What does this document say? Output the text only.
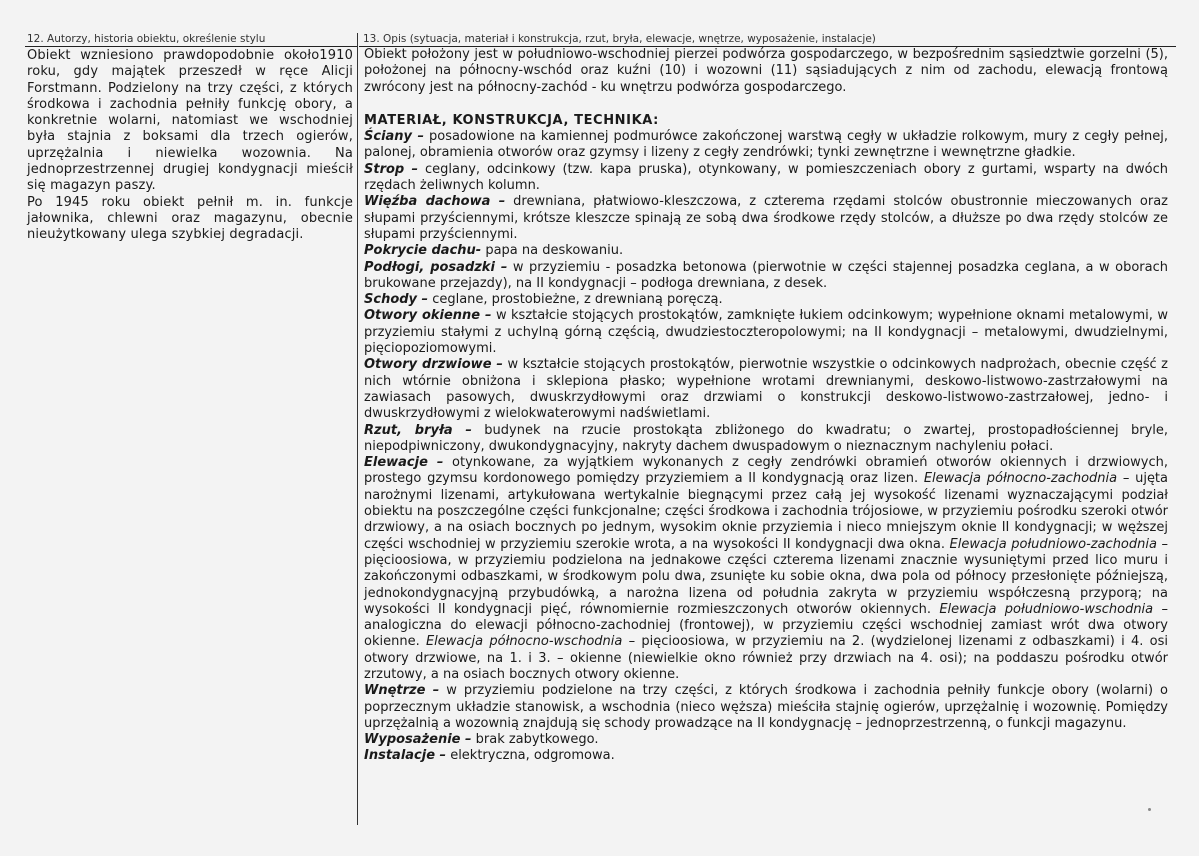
12. Autorzy, historia obiektu, określenie stylu

Obiekt wzniesiono prawdopodobnie około1910 roku, gdy majątek przeszedł w ręce Alicji Forstmann. Podzielony na trzy części, z których środkowa i zachodnia pełniły funkcję obory, a konkretnie wolarni, natomiast we wschodniej była stajnia z boksami dla trzech ogierów, uprzężalnia i niewielka wozownia. Na jednoprzestrzennej drugiej kondygnacji mieścił się magazyn paszy.

Po 1945 roku obiekt pełnił m. in. funkcje jałownika, chlewni oraz magazynu, obecnie nieużytkowany ulega szybkiej degradacji.

13. Opis (sytuacja, materiał i konstrukcja, rzut, bryła, elewacje, wnętrze, wyposażenie, instalacje)

Obiekt położony jest w południowo-wschodniej pierzei podwórza gospodarczego, w bezpośrednim sąsiedztwie gorzelni (5), położonej na północny-wschód oraz kuźni (10) i wozowni (11) sąsiadujących z nim od zachodu, elewacją frontową zwrócony jest na północny-zachód - ku wnętrzu podwórza gospodarczego.

MATERIAŁ, KONSTRUKCJA, TECHNIKA:

Ściany – posadowione na kamiennej podmurówce zakończonej warstwą cegły w układzie rolkowym, mury z cegły pełnej, palonej, obramienia otworów oraz gzymsy i lizeny z cegły zendrówki; tynki zewnętrzne i wewnętrzne gładkie.

Strop – ceglany, odcinkowy (tzw. kapa pruska), otynkowany, w pomieszczeniach obory z gurtami, wsparty na dwóch rzędach żeliwnych kolumn.

Więźba dachowa – drewniana, płatwiowo-kleszczowa, z czterema rzędami stolców obustronnie mieczowanych oraz słupami przyściennymi, krótsze kleszcze spinają ze sobą dwa środkowe rzędy stolców, a dłuższe po dwa rzędy stolców ze słupami przyściennymi.

Pokrycie dachu- papa na deskowaniu.

Podłogi, posadzki – w przyziemiu - posadzka betonowa (pierwotnie w części stajennej posadzka ceglana, a w oborach brukowane przejazdy), na II kondygnacji – podłoga drewniana, z desek.

Schody – ceglane, prostobieżne, z drewnianą poręczą.

Otwory okienne – w kształcie stojących prostokątów, zamknięte łukiem odcinkowym; wypełnione oknami metalowymi, w przyziemiu stałymi z uchylną górną częścią, dwudziestoczteropolowymi; na II kondygnacji – metalowymi, dwudzielnymi, pięciopoziomowymi.

Otwory drzwiowe – w kształcie stojących prostokątów, pierwotnie wszystkie o odcinkowych nadprożach, obecnie część z nich wtórnie obniżona i sklepiona płasko; wypełnione wrotami drewnianymi, deskowo-listwowo-zastrzałowymi na zawiasach pasowych, dwuskrzydłowymi oraz drzwiami o konstrukcji deskowo-listwowo-zastrzałowej, jedno- i dwuskrzydłowymi z wielokwaterowymi nadświetlami.

Rzut, bryła – budynek na rzucie prostokąta zbliżonego do kwadratu; o zwartej, prostopadłościennej bryle, niepodpiwniczony, dwukondygnacyjny, nakryty dachem dwuspadowym o nieznacznym nachyleniu połaci.

Elewacje – otynkowane, za wyjątkiem wykonanych z cegły zendrówki obramień otworów okiennych i drzwiowych, prostego gzymsu kordonowego pomiędzy przyziemiem a II kondygnacją oraz lizen. Elewacja północno-zachodnia – ujęta narożnymi lizenami, artykułowana wertykalnie biegnącymi przez całą jej wysokość lizenami wyznaczającymi podział obiektu na poszczególne części funkcjonalne; części środkowa i zachodnia trójosiowe, w przyziemiu pośrodku szeroki otwór drzwiowy, a na osiach bocznych po jednym, wysokim oknie przyziemia i nieco mniejszym oknie II kondygnacji; w węższej części wschodniej w przyziemiu szerokie wrota, a na wysokości II kondygnacji dwa okna. Elewacja południowo-zachodnia – pięcioosiowa, w przyziemiu podzielona na jednakowe części czterema lizenami znacznie wysuniętymi przed lico muru i zakończonymi odbaszkami, w środkowym polu dwa, zsunięte ku sobie okna, dwa pola od północy przesłonięte późniejszą, jednokondygnacyjną przybudówką, a narożna lizena od południa zakryta w przyziemiu współczesną przyporą; na wysokości II kondygnacji pięć, równomiernie rozmieszczonych otworów okiennych. Elewacja południowo-wschodnia – analogiczna do elewacji północno-zachodniej (frontowej), w przyziemiu części wschodniej zamiast wrót dwa otwory okienne. Elewacja północno-wschodnia – pięcioosiowa, w przyziemiu na 2. (wydzielonej lizenami z odbaszkami) i 4. osi otwory drzwiowe, na 1. i 3. – okienne (niewielkie okno również przy drzwiach na 4. osi); na poddaszu pośrodku otwór zrzutowy, a na osiach bocznych otwory okienne.

Wnętrze – w przyziemiu podzielone na trzy części, z których środkowa i zachodnia pełniły funkcje obory (wolarni) o poprzecznym układzie stanowisk, a wschodnia (nieco węższa) mieściła stajnię ogierów, uprzężalnię i wozownię. Pomiędzy uprzężalnią a wozownią znajdują się schody prowadzące na II kondygnację – jednoprzestrzenną, o funkcji magazynu.

Wyposażenie – brak zabytkowego.

Instalacje – elektryczna, odgromowa.
